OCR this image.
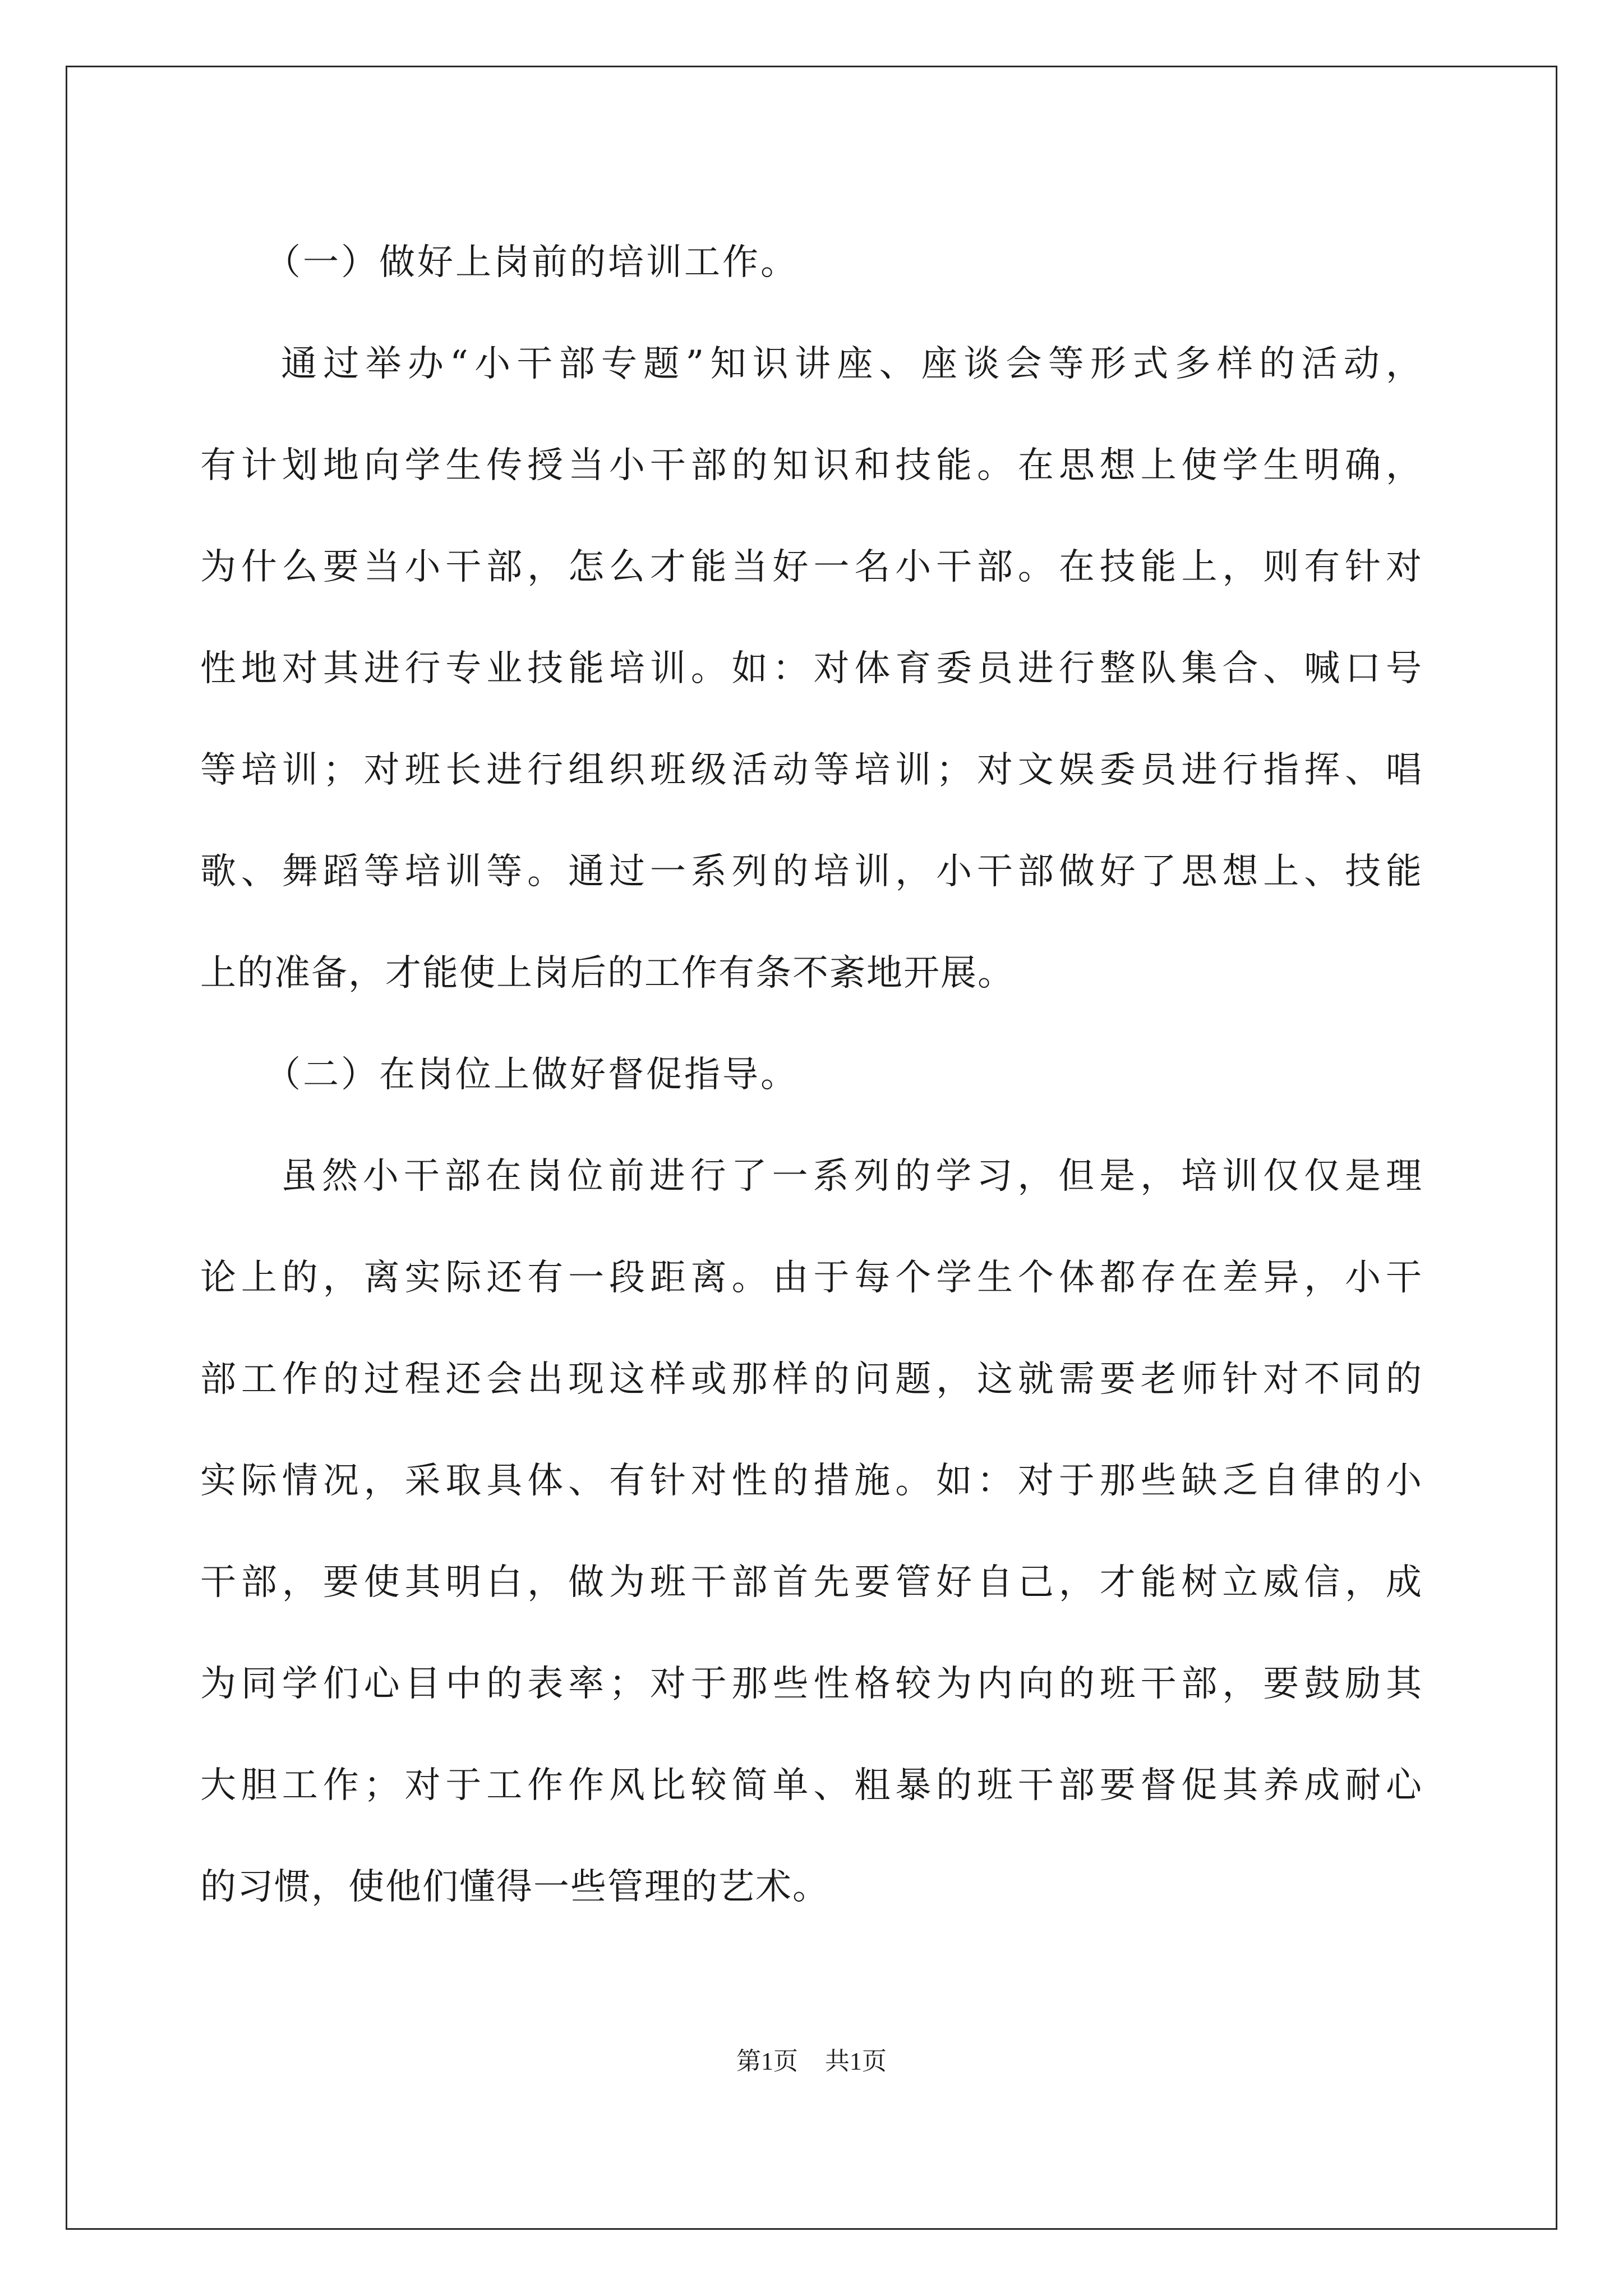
（一）做好上岗前的培训工作。

通过举办“小干部专题”知识讲座、座谈会等形式多样的活动，
有计划地向学生传授当小干部的知识和技能。在思想上使学生明确，
为什么要当小干部，怎么才能当好一名小干部。在技能上，则有针对
性地对其进行专业技能培训。如：对体育委员进行整队集合、喊口号
等培训；对班长进行组织班级活动等培训；对文娱委员进行指挥、唱
歌、舞蹈等培训等。通过一系列的培训，小干部做好了思想上、技能
上的准备，才能使上岗后的工作有条不紊地开展。

（二）在岗位上做好督促指导。

虽然小干部在岗位前进行了一系列的学习，但是，培训仅仅是理
论上的，离实际还有一段距离。由于每个学生个体都存在差异，小干
部工作的过程还会出现这样或那样的问题，这就需要老师针对不同的
实际情况，采取具体、有针对性的措施。如：对于那些缺乏自律的小
干部，要使其明白，做为班干部首先要管好自己，才能树立威信，成
为同学们心目中的表率；对于那些性格较为内向的班干部，要鼓励其
大胆工作；对于工作作风比较简单、粗暴的班干部要督促其养成耐心
的习惯，使他们懂得一些管理的艺术。

第1页 共1页
